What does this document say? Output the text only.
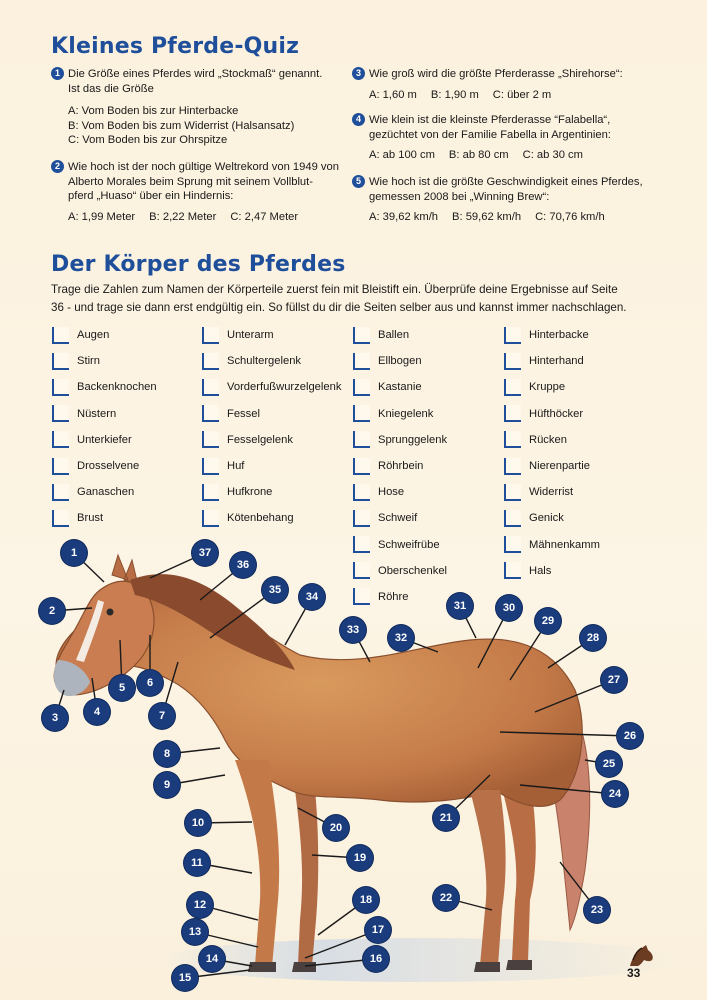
Kleines Pferde-Quiz
1 Die Größe eines Pferdes wird „Stockmaß“ genannt.
Ist das die Größe
A: Vom Boden bis zur Hinterbacke
B: Vom Boden bis zum Widerrist (Halsansatz)
C: Vom Boden bis zur Ohrspitze
2 Wie hoch ist der noch gültige Weltrekord von 1949 von
Alberto Morales beim Sprung mit seinem Vollblut-
pferd „Huaso“ über ein Hindernis:
A: 1,99 Meter B: 2,22 Meter C: 2,47 Meter
3 Wie groß wird die größte Pferderasse „Shirehorse“:
A: 1,60 m B: 1,90 m C: über 2 m
4 Wie klein ist die kleinste Pferderasse “Falabella“,
gezüchtet von der Familie Fabella in Argentinien:
A: ab 100 cm B: ab 80 cm C: ab 30 cm
5 Wie hoch ist die größte Geschwindigkeit eines Pferdes,
gemessen 2008 bei „Winning Brew“:
A: 39,62 km/h B: 59,62 km/h C: 70,76 km/h
Der Körper des Pferdes
Trage die Zahlen zum Namen der Körperteile zuerst fein mit Bleistift ein. Überprüfe deine Ergebnisse auf Seite
36 - und trage sie dann erst endgültig ein. So füllst du dir die Seiten selber aus und kannst immer nachschlagen.
Augen
Stirn
Backenknochen
Nüstern
Unterkiefer
Drosselvene
Ganaschen
Brust
Unterarm
Schultergelenk
Vorderfußwurzelgelenk
Fessel
Fesselgelenk
Huf
Hufkrone
Kötenbehang
Ballen
Ellbogen
Kastanie
Kniegelenk
Sprunggelenk
Röhrbein
Hose
Schweif
Schweifrübe
Oberschenkel
Röhre
Hinterbacke
Hinterhand
Kruppe
Hüfthöcker
Rücken
Nierenpartie
Widerrist
Genick
Mähnenkamm
Hals
1
2
3	4
5	6
7
8
9
10
11
12
13
14
15
16
17
18
19
20
21
22
23
24
25
26
27
28
29
30
31
32
33
34
35
36
37
33
